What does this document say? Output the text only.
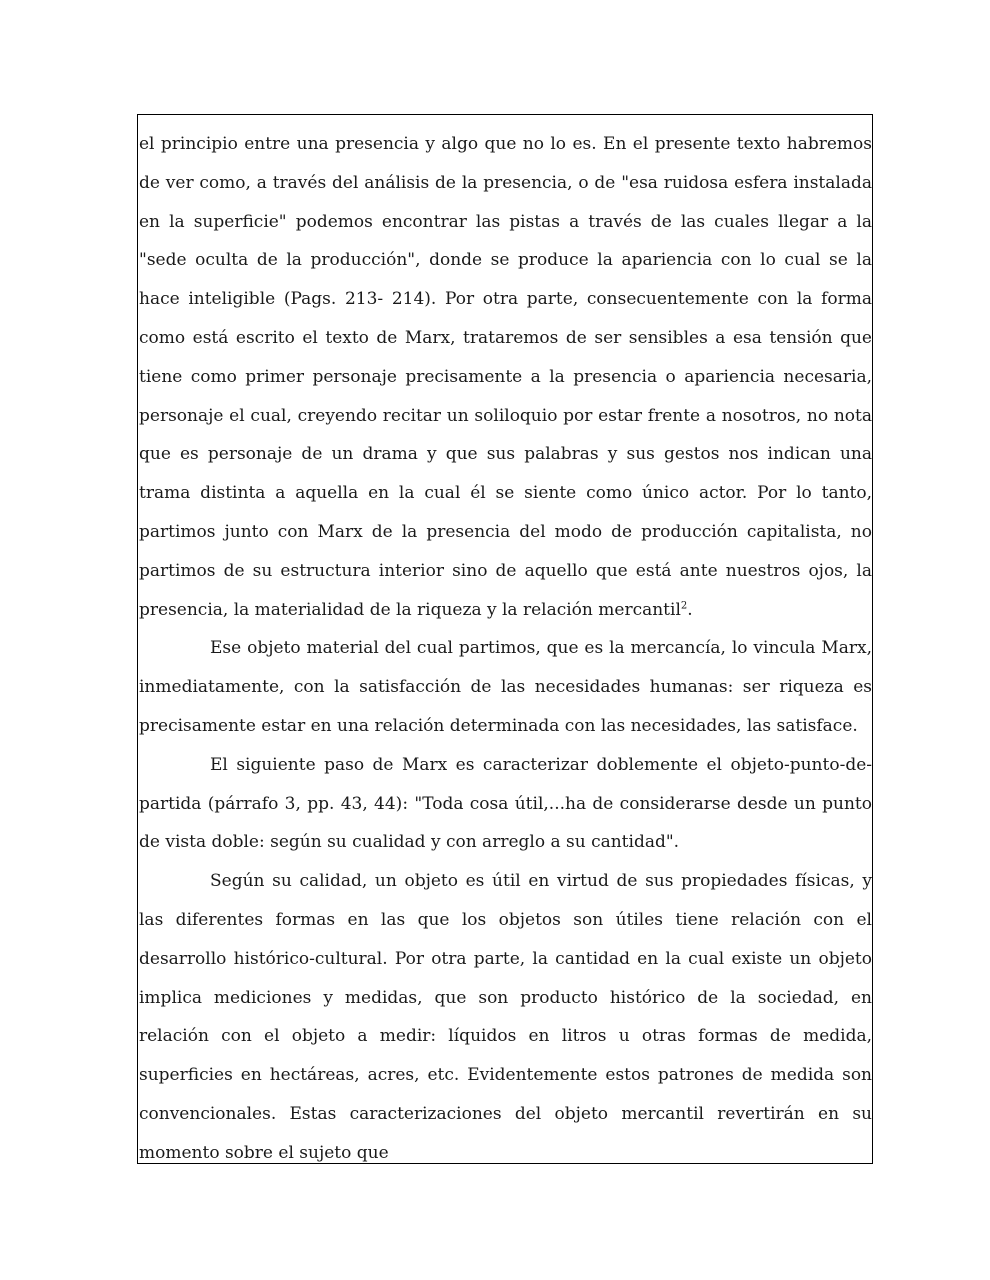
el principio entre una presencia y algo que no lo es. En el presente texto habremos de ver como, a través del análisis de la presencia, o de "esa ruidosa esfera instalada en la superficie" podemos encontrar las pistas a través de las cuales llegar a la "sede oculta de la producción", donde se produce la apariencia con lo cual se la hace inteligible (Pags. 213- 214). Por otra parte, consecuentemente con la forma como está escrito el texto de Marx, trataremos de ser sensibles a esa tensión que tiene como primer personaje precisamente a la presencia o apariencia necesaria, personaje el cual, creyendo recitar un soliloquio por estar frente a nosotros, no nota que es personaje de un drama y que sus palabras y sus gestos nos indican una trama distinta a aquella en la cual él se siente como único actor. Por lo tanto, partimos junto con Marx de la presencia del modo de producción capitalista, no partimos de su estructura interior sino de aquello que está ante nuestros ojos, la presencia, la materialidad de la riqueza y la relación mercantil$^2$.

Ese objeto material del cual partimos, que es la mercancía, lo vincula Marx, inmediatamente, con la satisfacción de las necesidades humanas: ser riqueza es precisamente estar en una relación determinada con las necesidades, las satisface.

El siguiente paso de Marx es caracterizar doblemente el objeto-punto-de-partida (párrafo 3, pp. 43, 44): "Toda cosa útil,...ha de considerarse desde un punto de vista doble: según su cualidad y con arreglo a su cantidad".

Según su calidad, un objeto es útil en virtud de sus propiedades físicas, y las diferentes formas en las que los objetos son útiles tiene relación con el desarrollo histórico-cultural. Por otra parte, la cantidad en la cual existe un objeto implica mediciones y medidas, que son producto histórico de la sociedad, en relación con el objeto a medir: líquidos en litros u otras formas de medida, superficies en hectáreas, acres, etc. Evidentemente estos patrones de medida son convencionales. Estas caracterizaciones del objeto mercantil revertirán en su momento sobre el sujeto que
